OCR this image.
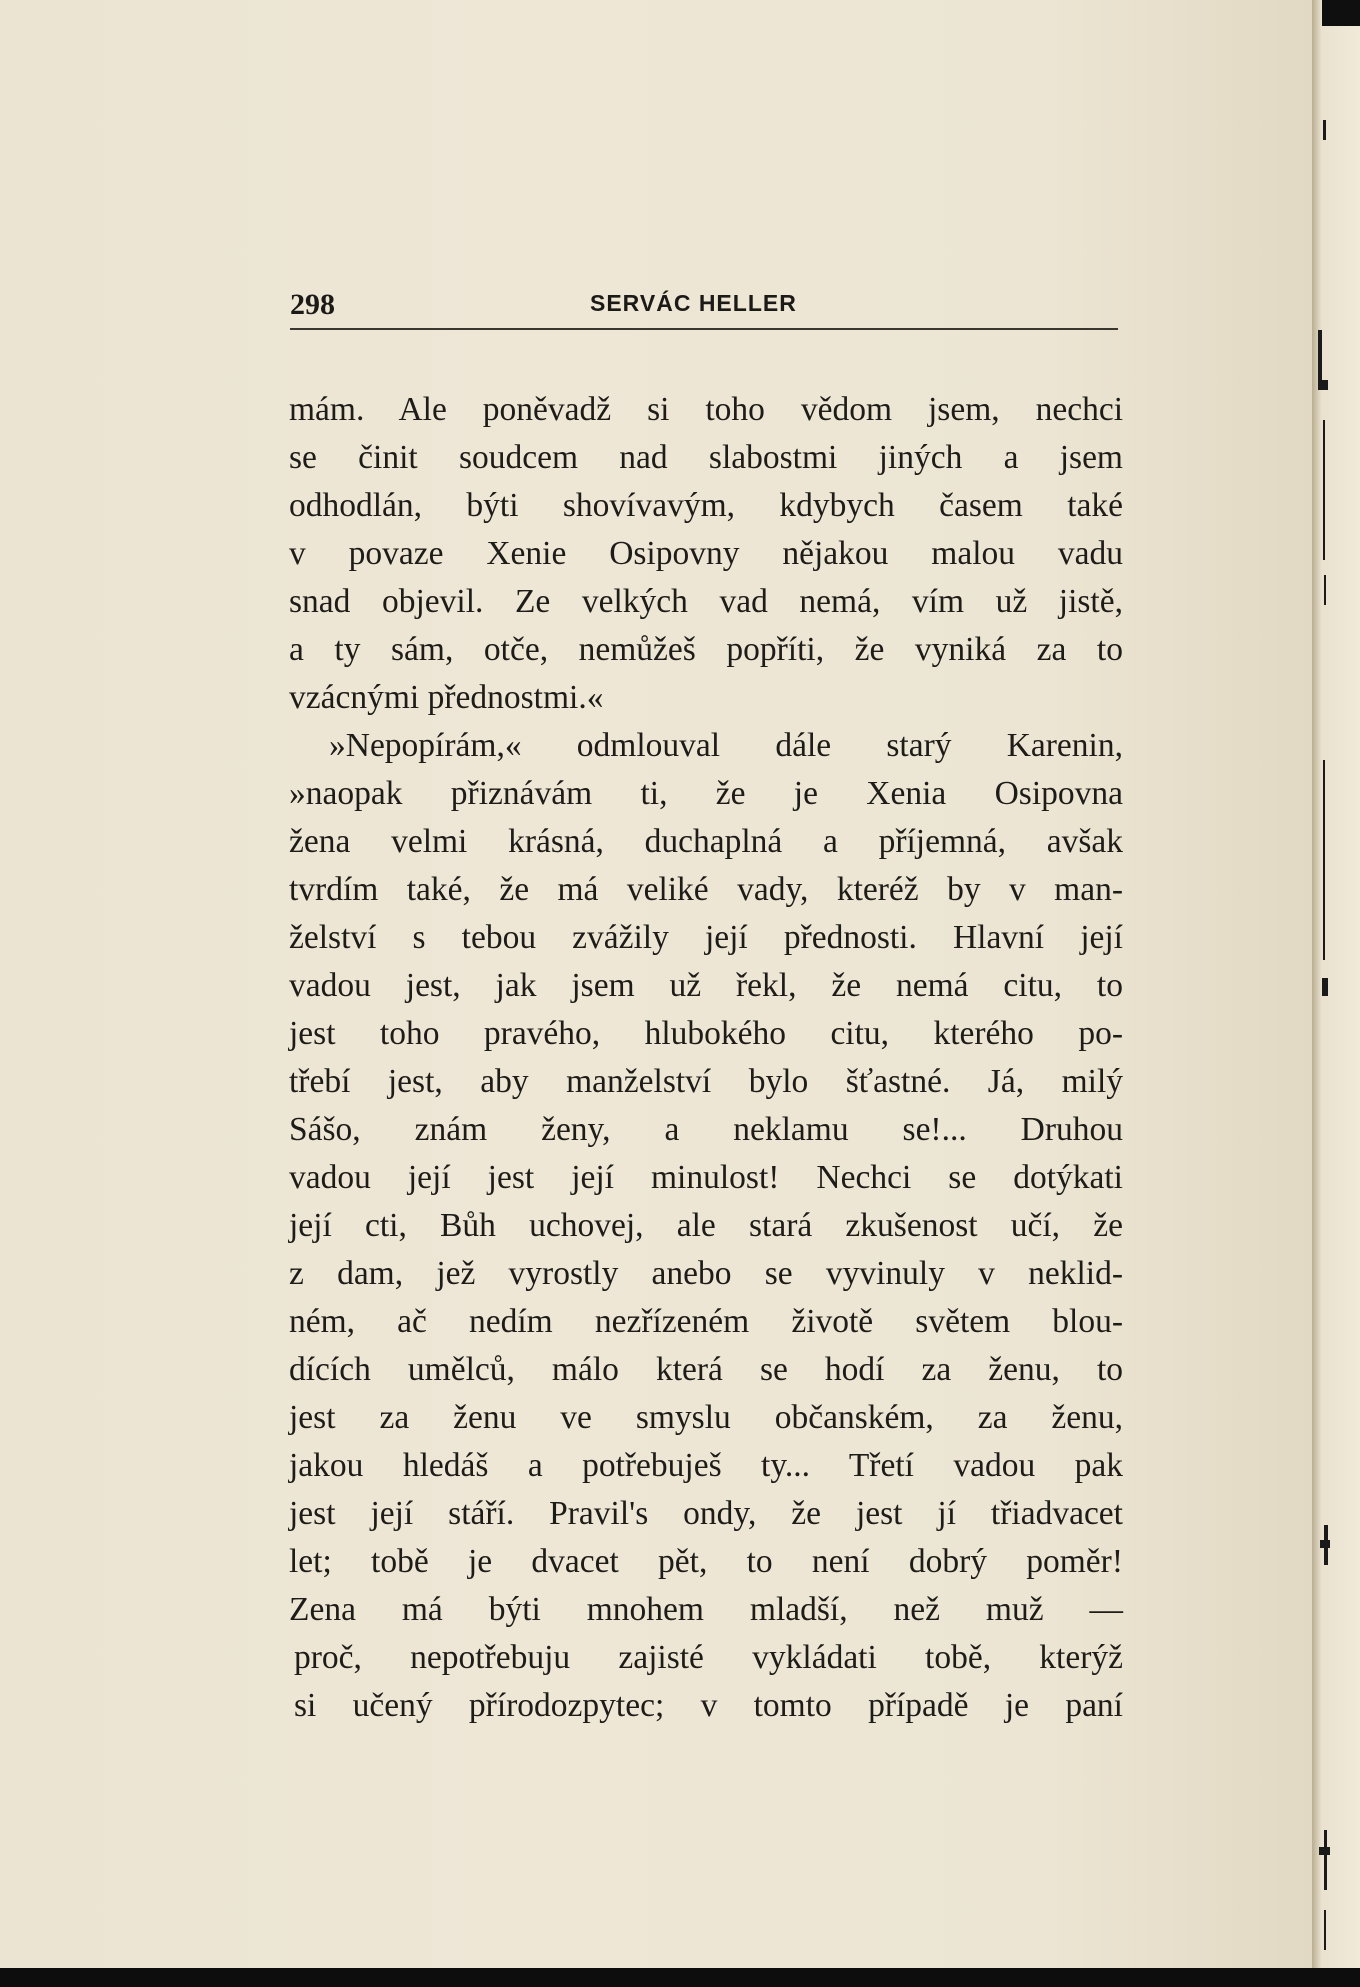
298	SERVÁC HELLER
mám. Ale poněvadž si toho vědom jsem, nechci
se činit soudcem nad slabostmi jiných a jsem
odhodlán, býti shovívavým, kdybych časem také
v povaze Xenie Osipovny nějakou malou vadu
snad objevil. Ze velkých vad nemá, vím už jistě,
a ty sám, otče, nemůžeš popříti, že vyniká za to
vzácnými přednostmi.«
»Nepopírám,« odmlouval dále starý Karenin,
»naopak přiznávám ti, že je Xenia Osipovna
žena velmi krásná, duchaplná a příjemná, avšak
tvrdím také, že má veliké vady, kteréž by v man-
želství s tebou zvážily její přednosti. Hlavní její
vadou jest, jak jsem už řekl, že nemá citu, to
jest toho pravého, hlubokého citu, kterého po-
třebí jest, aby manželství bylo šťastné. Já, milý
Sášo, znám ženy, a neklamu se!... Druhou
vadou její jest její minulost! Nechci se dotýkati
její cti, Bůh uchovej, ale stará zkušenost učí, že
z dam, jež vyrostly anebo se vyvinuly v neklid-
ném, ač nedím nezřízeném životě světem blou-
dících umělců, málo která se hodí za ženu, to
jest za ženu ve smyslu občanském, za ženu,
jakou hledáš a potřebuješ ty... Třetí vadou pak
jest její stáří. Pravil's ondy, že jest jí třiadvacet
let; tobě je dvacet pět, to není dobrý poměr!
Zena má býti mnohem mladší, než muž —
proč, nepotřebuju zajisté vykládati tobě, kterýž
si učený přírodozpytec; v tomto případě je paní
